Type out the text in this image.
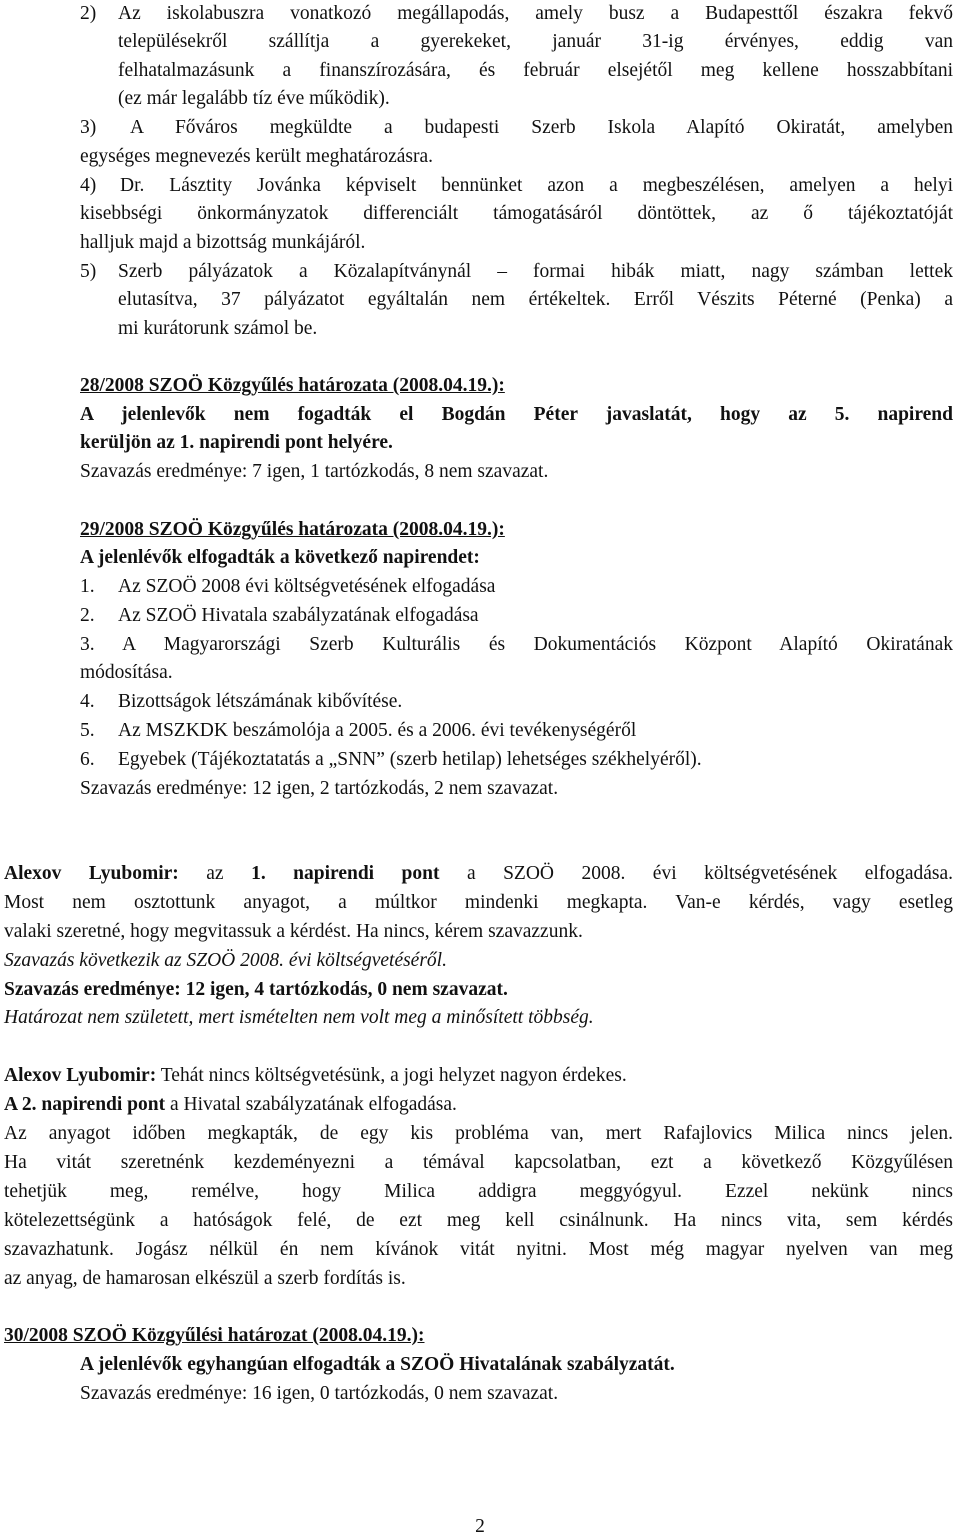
2) Az iskolabuszra vonatkozó megállapodás, amely busz a Budapesttől északra fekvő
településekről szállítja a gyerekeket, január 31-ig érvényes, eddig van
felhatalmazásunk a finanszírozására, és február elsejétől meg kellene hosszabbítani
(ez már legalább tíz éve működik).
3) A Főváros megküldte a budapesti Szerb Iskola Alapító Okiratát, amelyben
egységes megnevezés került meghatározásra.
4) Dr. Lásztity Jovánka képviselt bennünket azon a megbeszélésen, amelyen a helyi
kisebbségi önkormányzatok differenciált támogatásáról döntöttek, az ő tájékoztatóját
halljuk majd a bizottság munkájáról.
5) Szerb pályázatok a Közalapítványnál – formai hibák miatt, nagy számban lettek
elutasítva, 37 pályázatot egyáltalán nem értékeltek. Erről Vészits Péterné (Penka) a
mi kurátorunk számol be.
28/2008 SZOÖ Közgyűlés határozata (2008.04.19.):
A jelenlevők nem fogadták el Bogdán Péter javaslatát, hogy az 5. napirend
kerüljön az 1. napirendi pont helyére.
Szavazás eredménye: 7 igen, 1 tartózkodás, 8 nem szavazat.
29/2008 SZOÖ Közgyűlés határozata (2008.04.19.):
A jelenlévők elfogadták a következő napirendet:
1. Az SZOÖ 2008 évi költségvetésének elfogadása
2. Az SZOÖ Hivatala szabályzatának elfogadása
3. A Magyarországi Szerb Kulturális és Dokumentációs Központ Alapító Okiratának
módosítása.
4. Bizottságok létszámának kibővítése.
5. Az MSZKDK beszámolója a 2005. és a 2006. évi tevékenységéről
6. Egyebek (Tájékoztatatás a „SNN” (szerb hetilap) lehetséges székhelyéről).
Szavazás eredménye: 12 igen, 2 tartózkodás, 2 nem szavazat.
Alexov Lyubomir: az 1. napirendi pont a SZOÖ 2008. évi költségvetésének elfogadása.
Most nem osztottunk anyagot, a múltkor mindenki megkapta. Van-e kérdés, vagy esetleg
valaki szeretné, hogy megvitassuk a kérdést. Ha nincs, kérem szavazzunk.
Szavazás következik az SZOÖ 2008. évi költségvetéséről.
Szavazás eredménye: 12 igen, 4 tartózkodás, 0 nem szavazat.
Határozat nem született, mert ismételten nem volt meg a minősített többség.
Alexov Lyubomir: Tehát nincs költségvetésünk, a jogi helyzet nagyon érdekes.
A 2. napirendi pont a Hivatal szabályzatának elfogadása.
Az anyagot időben megkapták, de egy kis probléma van, mert Rafajlovics Milica nincs jelen.
Ha vitát szeretnénk kezdeményezni a témával kapcsolatban, ezt a következő Közgyűlésen
tehetjük meg, remélve, hogy Milica addigra meggyógyul. Ezzel nekünk nincs
kötelezettségünk a hatóságok felé, de ezt meg kell csinálnunk. Ha nincs vita, sem kérdés
szavazhatunk. Jogász nélkül én nem kívánok vitát nyitni. Most még magyar nyelven van meg
az anyag, de hamarosan elkészül a szerb fordítás is.
30/2008 SZOÖ Közgyűlési határozat (2008.04.19.):
A jelenlévők egyhangúan elfogadták a SZOÖ Hivatalának szabályzatát.
Szavazás eredménye: 16 igen, 0 tartózkodás, 0 nem szavazat.
2
